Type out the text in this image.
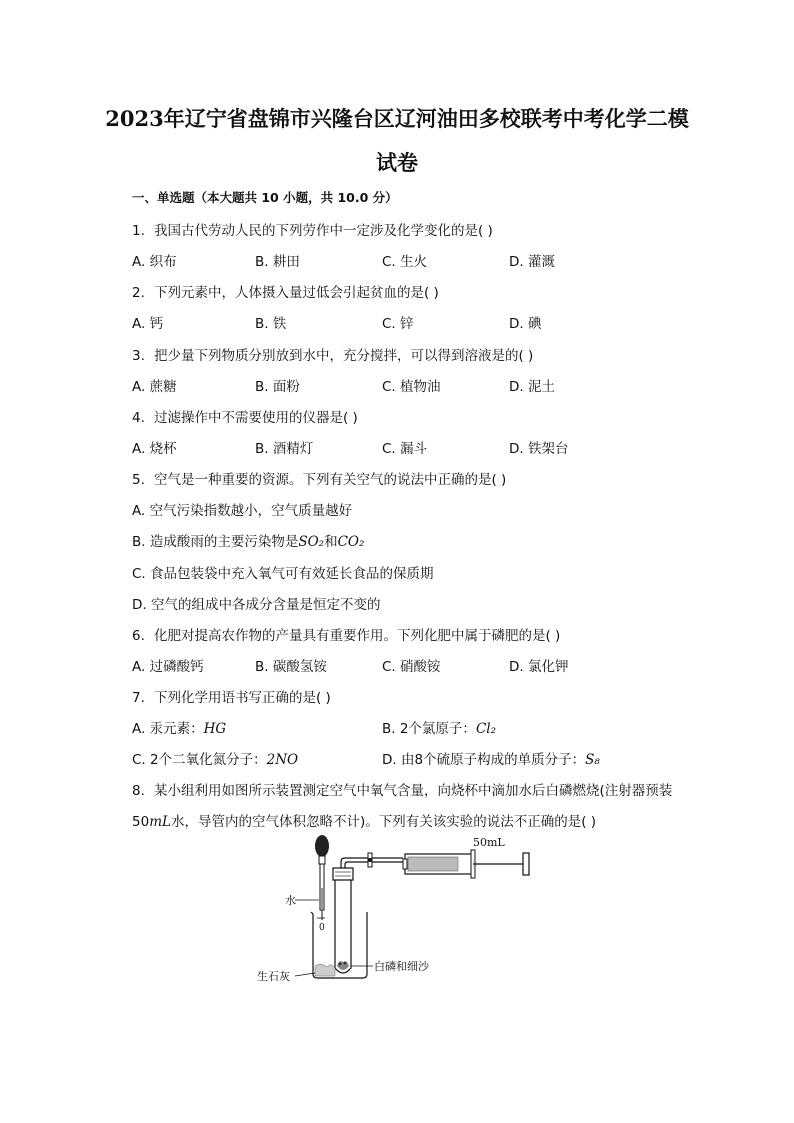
2023年辽宁省盘锦市兴隆台区辽河油田多校联考中考化学二模
试卷
一、单选题（本大题共 10 小题，共 10.0 分）
1. 我国古代劳动人民的下列劳作中一定涉及化学变化的是( )
A. 织布	B. 耕田	C. 生火	D. 灌溉
2. 下列元素中，人体摄入量过低会引起贫血的是( )
A. 钙	B. 铁	C. 锌	D. 碘
3. 把少量下列物质分别放到水中，充分搅拌，可以得到溶液是的( )
A. 蔗糖	B. 面粉	C. 植物油	D. 泥土
4. 过滤操作中不需要使用的仪器是( )
A. 烧杯	B. 酒精灯	C. 漏斗	D. 铁架台
5. 空气是一种重要的资源。下列有关空气的说法中正确的是( )
A. 空气污染指数越小，空气质量越好
B. 造成酸雨的主要污染物是SO₂和CO₂
C. 食品包装袋中充入氧气可有效延长食品的保质期
D. 空气的组成中各成分含量是恒定不变的
6. 化肥对提高农作物的产量具有重要作用。下列化肥中属于磷肥的是( )
A. 过磷酸钙	B. 碳酸氢铵	C. 硝酸铵	D. 氯化钾
7. 下列化学用语书写正确的是( )
A. 汞元素：HG	B. 2个氯原子：Cl₂
C. 2个二氧化氮分子：2NO	D. 由8个硫原子构成的单质分子：S₈
8. 某小组利用如图所示装置测定空气中氧气含量，向烧杯中滴加水后白磷燃烧(注射器预装
50mL水，导管内的空气体积忽略不计)。下列有关该实验的说法不正确的是( )
50mL
水
白磷和细沙
0
生石灰
